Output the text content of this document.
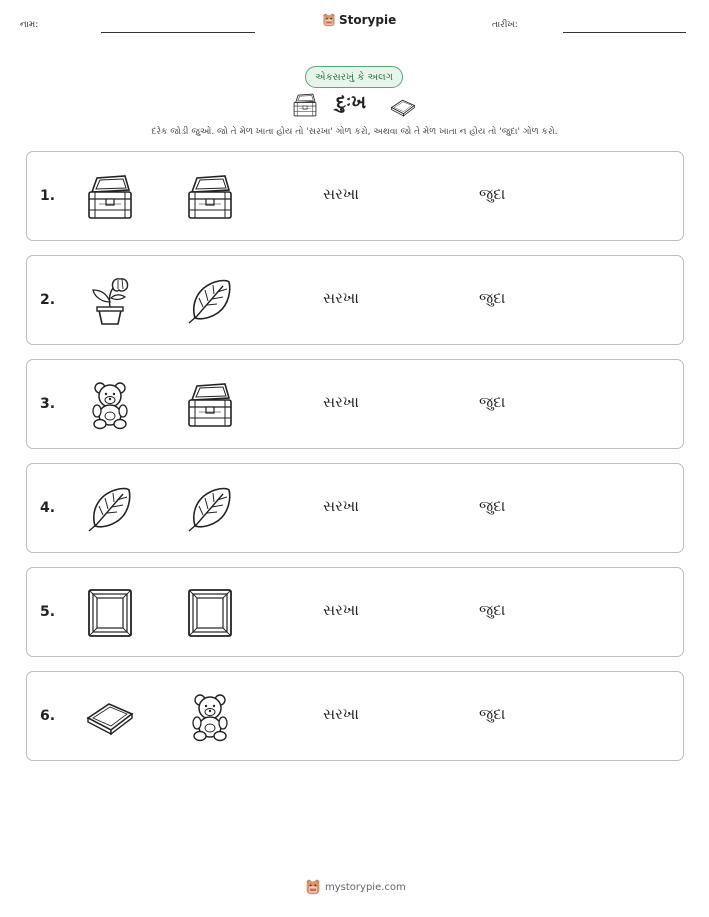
નામ:	Storypie	તારીખ:
એકસરખું કે અલગ
દુઃખ
દરેક જોડી જુઓ. જો તે મેળ ખાતા હોય તો 'સરખા' ગોળ કરો, અથવા જો તે મેળ ખાતા ન હોય તો 'જુદા' ગોળ કરો.
1.	સરખા	જુદા
2.	સરખા	જુદા
3.	સરખા	જુદા
4.	સરખા	જુદા
5.	સરખા	જુદા
6.	સરખા	જુદા
mystorypie.com
